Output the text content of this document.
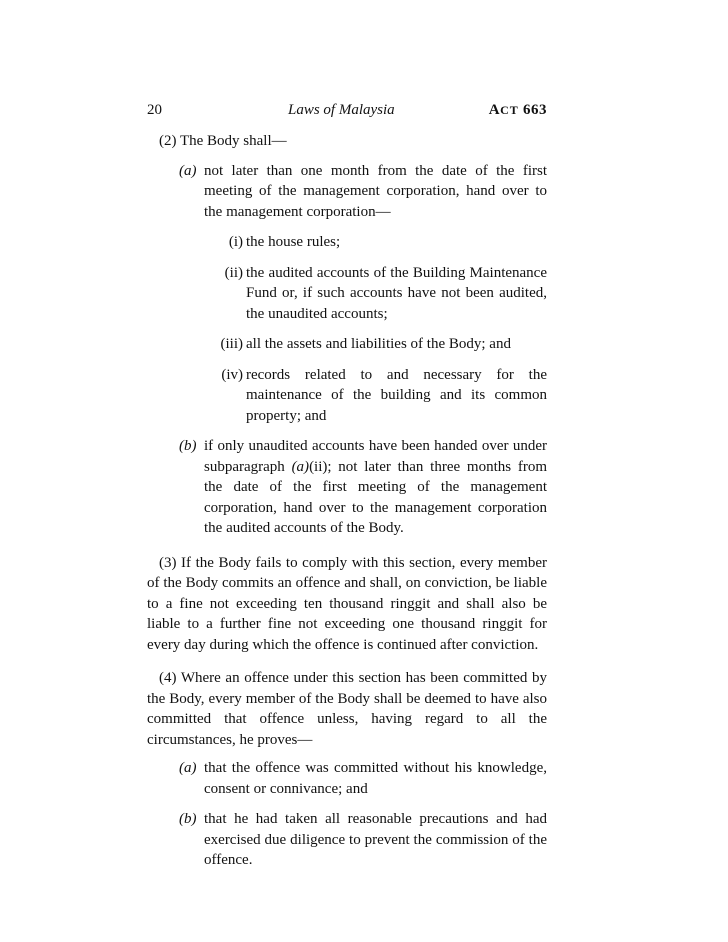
20	Laws of Malaysia	ACT 663
(2) The Body shall—
(a) not later than one month from the date of the first meeting of the management corporation, hand over to the management corporation—
(i) the house rules;
(ii) the audited accounts of the Building Maintenance Fund or, if such accounts have not been audited, the unaudited accounts;
(iii) all the assets and liabilities of the Body; and
(iv) records related to and necessary for the maintenance of the building and its common property; and
(b) if only unaudited accounts have been handed over under subparagraph (a)(ii); not later than three months from the date of the first meeting of the management corporation, hand over to the management corporation the audited accounts of the Body.
(3) If the Body fails to comply with this section, every member of the Body commits an offence and shall, on conviction, be liable to a fine not exceeding ten thousand ringgit and shall also be liable to a further fine not exceeding one thousand ringgit for every day during which the offence is continued after conviction.
(4) Where an offence under this section has been committed by the Body, every member of the Body shall be deemed to have also committed that offence unless, having regard to all the circumstances, he proves—
(a) that the offence was committed without his knowledge, consent or connivance; and
(b) that he had taken all reasonable precautions and had exercised due diligence to prevent the commission of the offence.
